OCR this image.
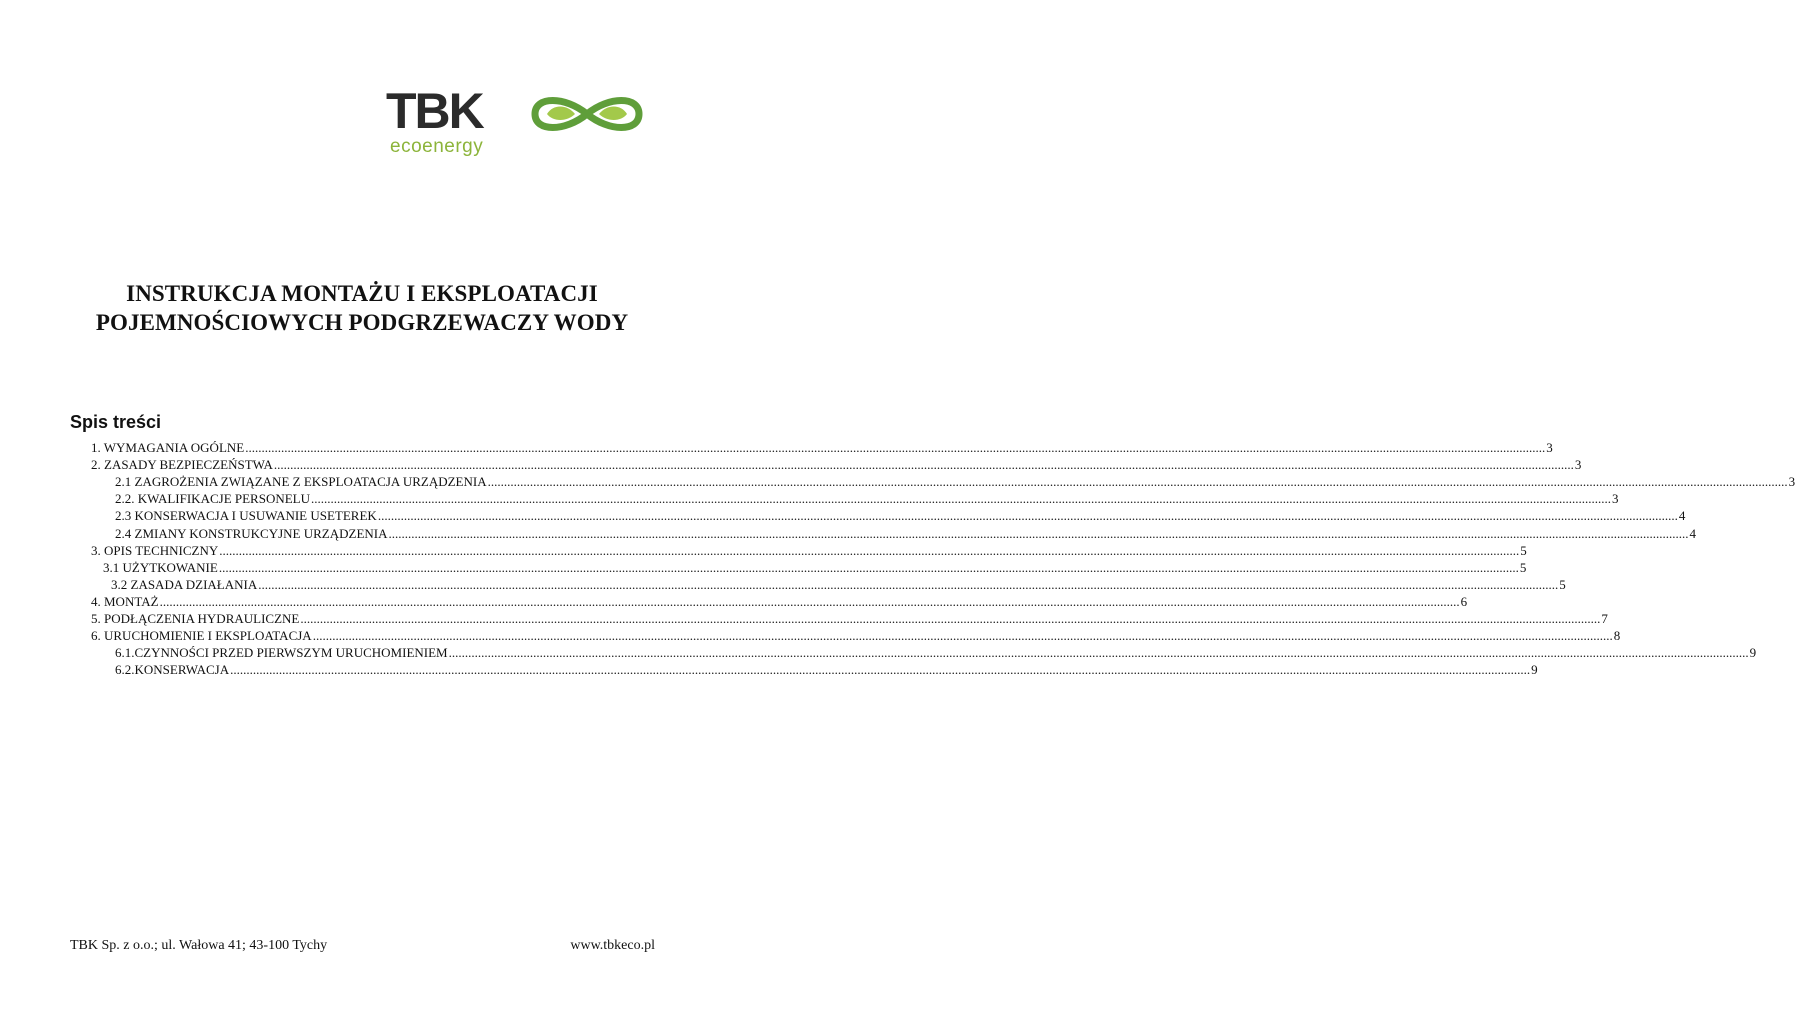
TBK
ecoenergy
INSTRUKCJA MONTAŻU I EKSPLOATACJI
POJEMNOŚCIOWYCH PODGRZEWACZY WODY
Spis treści
1. WYMAGANIA OGÓLNE ................................................................................................................................................................................................................................................................................................................................................................................................................ 3
2. ZASADY BEZPIECZEŃSTWA ................................................................................................................................................................................................................................................................................................................................................................................................................ 3
2.1 ZAGROŻENIA ZWIĄZANE Z EKSPLOATACJA URZĄDZENIA ................................................................................................................................................................................................................................................................................................................................................................................................................ 3
2.2. KWALIFIKACJE PERSONELU ................................................................................................................................................................................................................................................................................................................................................................................................................ 3
2.3 KONSERWACJA I USUWANIE USETEREK ................................................................................................................................................................................................................................................................................................................................................................................................................ 4
2.4 ZMIANY KONSTRUKCYJNE URZĄDZENIA ................................................................................................................................................................................................................................................................................................................................................................................................................ 4
3. OPIS TECHNICZNY ................................................................................................................................................................................................................................................................................................................................................................................................................ 5
3.1 UŻYTKOWANIE ................................................................................................................................................................................................................................................................................................................................................................................................................ 5
3.2 ZASADA DZIAŁANIA ................................................................................................................................................................................................................................................................................................................................................................................................................ 5
4. MONTAŻ ................................................................................................................................................................................................................................................................................................................................................................................................................ 6
5. PODŁĄCZENIA HYDRAULICZNE ................................................................................................................................................................................................................................................................................................................................................................................................................ 7
6. URUCHOMIENIE I EKSPLOATACJA ................................................................................................................................................................................................................................................................................................................................................................................................................ 8
6.1.CZYNNOŚCI PRZED PIERWSZYM URUCHOMIENIEM ................................................................................................................................................................................................................................................................................................................................................................................................................ 9
6.2.KONSERWACJA ................................................................................................................................................................................................................................................................................................................................................................................................................ 9
TBK Sp. z o.o.; ul. Wałowa 41; 43-100 Tychy	www.tbkeco.pl
